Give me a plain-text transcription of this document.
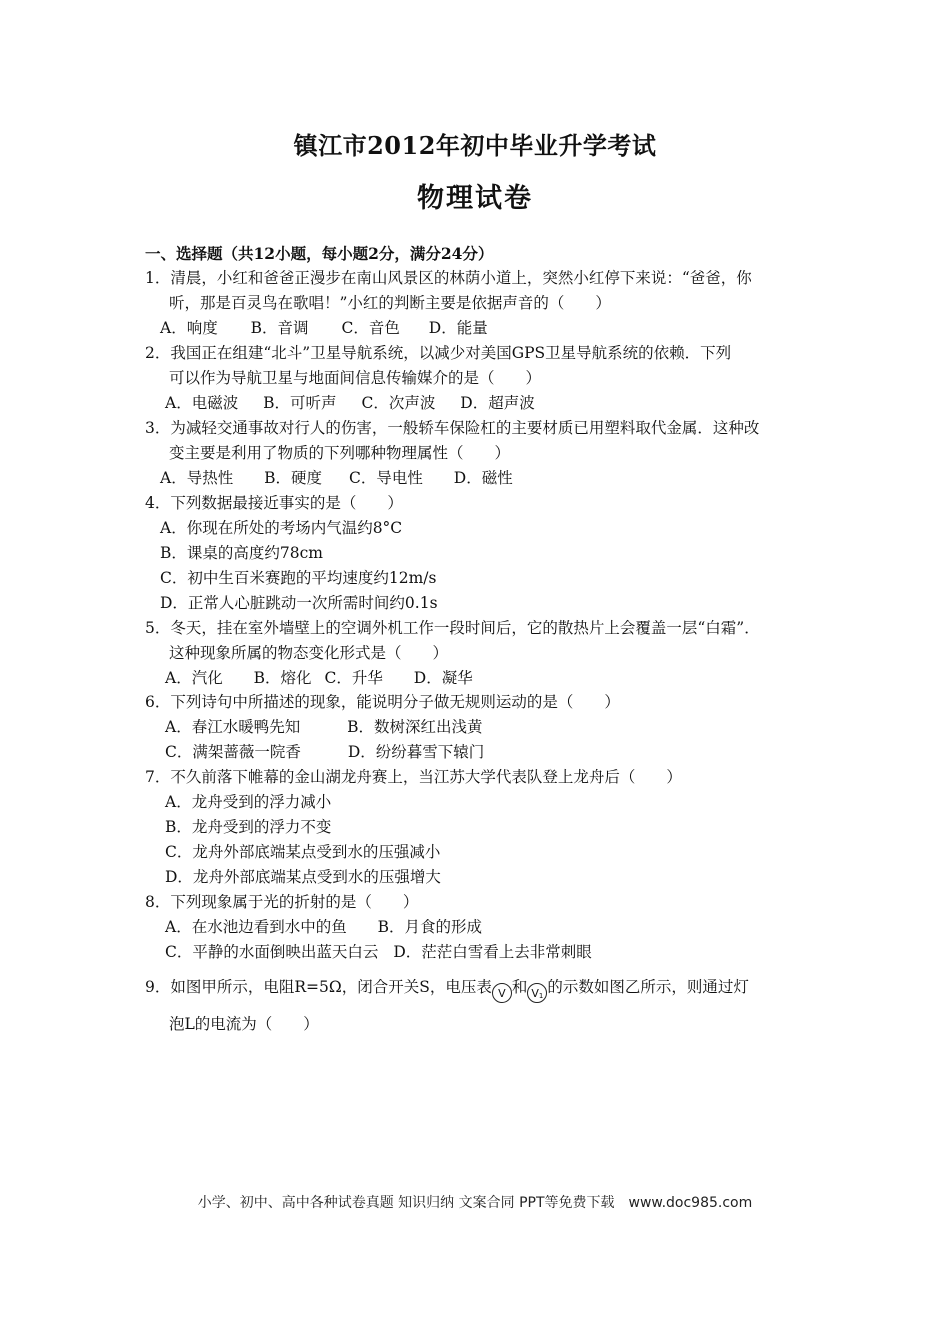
镇江市2012年初中毕业升学考试
物理试卷
一、选择题（共12小题，每小题2分，满分24分）
1．清晨，小红和爸爸正漫步在南山风景区的林荫小道上，突然小红停下来说：“爸爸，你
听，那是百灵鸟在歌唱！”小红的判断主要是依据声音的（　　）
A．响度 B．音调 C．音色 D．能量
2．我国正在组建“北斗”卫星导航系统，以减少对美国GPS卫星导航系统的依赖．下列
可以作为导航卫星与地面间信息传输媒介的是（　　）
A．电磁波 B．可听声 C．次声波 D．超声波
3．为减轻交通事故对行人的伤害，一般轿车保险杠的主要材质已用塑料取代金属．这种改
变主要是利用了物质的下列哪种物理属性（　　）
A．导热性 B．硬度 C．导电性 D．磁性
4．下列数据最接近事实的是（　　）
A．你现在所处的考场内气温约8°C
B．课桌的高度约78cm
C．初中生百米赛跑的平均速度约12m/s
D．正常人心脏跳动一次所需时间约0.1s
5．冬天，挂在室外墙壁上的空调外机工作一段时间后，它的散热片上会覆盖一层“白霜”．
这种现象所属的物态变化形式是（　　）
A．汽化 B．熔化 C．升华 D．凝华
6．下列诗句中所描述的现象，能说明分子做无规则运动的是（　　）
A．春江水暖鸭先知	B．数树深红出浅黄
C．满架蔷薇一院香	D．纷纷暮雪下辕门
7．不久前落下帷幕的金山湖龙舟赛上，当江苏大学代表队登上龙舟后（　　）
A．龙舟受到的浮力减小
B．龙舟受到的浮力不变
C．龙舟外部底端某点受到水的压强减小
D．龙舟外部底端某点受到水的压强增大
8．下列现象属于光的折射的是（　　）
A．在水池边看到水中的鱼 B．月食的形成
C．平静的水面倒映出蓝天白云 D．茫茫白雪看上去非常刺眼
9．如图甲所示，电阻R=5Ω，闭合开关S，电压表 V 和 $V_1$ 的示数如图乙所示，则通过灯
泡L的电流为（　　）
小学、初中、高中各种试卷真题 知识归纳 文案合同 PPT等免费下载　www.doc985.com
